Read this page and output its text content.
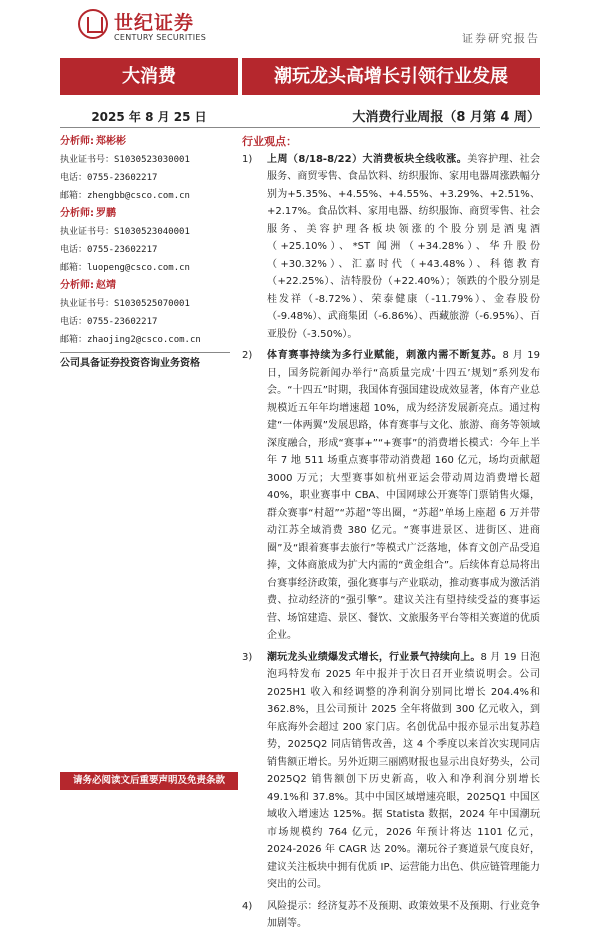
世纪证券
CENTURY SECURITIES	证券研究报告
大消费	潮玩龙头高增长引领行业发展
2025 年 8 月 25 日	大消费行业周报（8 月第 4 周）
分析师: 郑彬彬
执业证书号：S1030523030001
电话：0755-23602217
邮箱：zhengbb@csco.com.cn
分析师: 罗鹏
执业证书号：S1030523040001
电话：0755-23602217
邮箱：luopeng@csco.com.cn
分析师: 赵靖
执业证书号：S1030525070001
电话：0755-23602217
邮箱：zhaojing2@csco.com.cn
公司具备证券投资咨询业务资格
行业观点：
1)	上周（8/18-8/22）大消费板块全线收涨。美容护理、社会服务、商贸零售、食品饮料、纺织服饰、家用电器周涨跌幅分别为+5.35%、+4.55%、+4.55%、+3.29%、+2.51%、+2.17%。食品饮料、家用电器、纺织服饰、商贸零售、社会服务、美容护理各板块领涨的个股分别是酒鬼酒（+25.10%）、*ST 闻洲（+34.28%）、华升股份（+30.32%）、汇嘉时代（+43.48%）、科德教育（+22.25%）、洁特股份（+22.40%）；领跌的个股分别是桂发祥（-8.72%）、荣泰健康（-11.79%）、金春股份（-9.48%）、武商集团（-6.86%）、西藏旅游（-6.95%）、百亚股份（-3.50%）。
2)	体育赛事持续为多行业赋能，刺激内需不断复苏。8 月 19 日，国务院新闻办举行“高质量完成‘十四五’规划”系列发布会。“十四五”时期，我国体育强国建设成效显著，体育产业总规模近五年年均增速超 10%，成为经济发展新亮点。通过构建“一体两翼”发展思路，体育赛事与文化、旅游、商务等领域深度融合，形成“赛事+”“+赛事”的消费增长模式：今年上半年 7 地 511 场重点赛事带动消费超 160 亿元，场均贡献超 3000 万元；大型赛事如杭州亚运会带动周边消费增长超 40%，职业赛事中 CBA、中国网球公开赛等门票销售火爆，群众赛事“村超”“苏超”等出圈，“苏超”单场上座超 6 万并带动江苏全域消费 380 亿元。“赛事进景区、进街区、进商圈”及“跟着赛事去旅行”等模式广泛落地，体育文创产品受追捧，文体商旅成为扩大内需的“黄金组合”。后续体育总局将出台赛事经济政策，强化赛事与产业联动，推动赛事成为激活消费、拉动经济的“强引擎”。建议关注有望持续受益的赛事运营、场馆建造、景区、餐饮、文旅服务平台等相关赛道的优质企业。
3)	潮玩龙头业绩爆发式增长，行业景气持续向上。8 月 19 日泡泡玛特发布 2025 年中报并于次日召开业绩说明会。公司 2025H1 收入和经调整的净利润分别同比增长 204.4%和 362.8%，且公司预计 2025 全年将做到 300 亿元收入，到年底海外会超过 200 家门店。名创优品中报亦显示出复苏趋势，2025Q2 同店销售改善，这 4 个季度以来首次实现同店销售额正增长。另外近期三丽鸥财报也显示出良好势头，公司 2025Q2 销售额创下历史新高，收入和净利润分别增长 49.1%和 37.8%。其中中国区域增速亮眼，2025Q1 中国区域收入增速达 125%。据 Statista 数据，2024 年中国潮玩市场规模约 764 亿元，2026 年预计将达 1101 亿元，2024-2026 年 CAGR 达 20%。潮玩谷子赛道景气度良好，建议关注板块中拥有优质 IP、运营能力出色、供应链管理能力突出的公司。
4)	风险提示：经济复苏不及预期、政策效果不及预期、行业竞争加剧等。
请务必阅读文后重要声明及免责条款
